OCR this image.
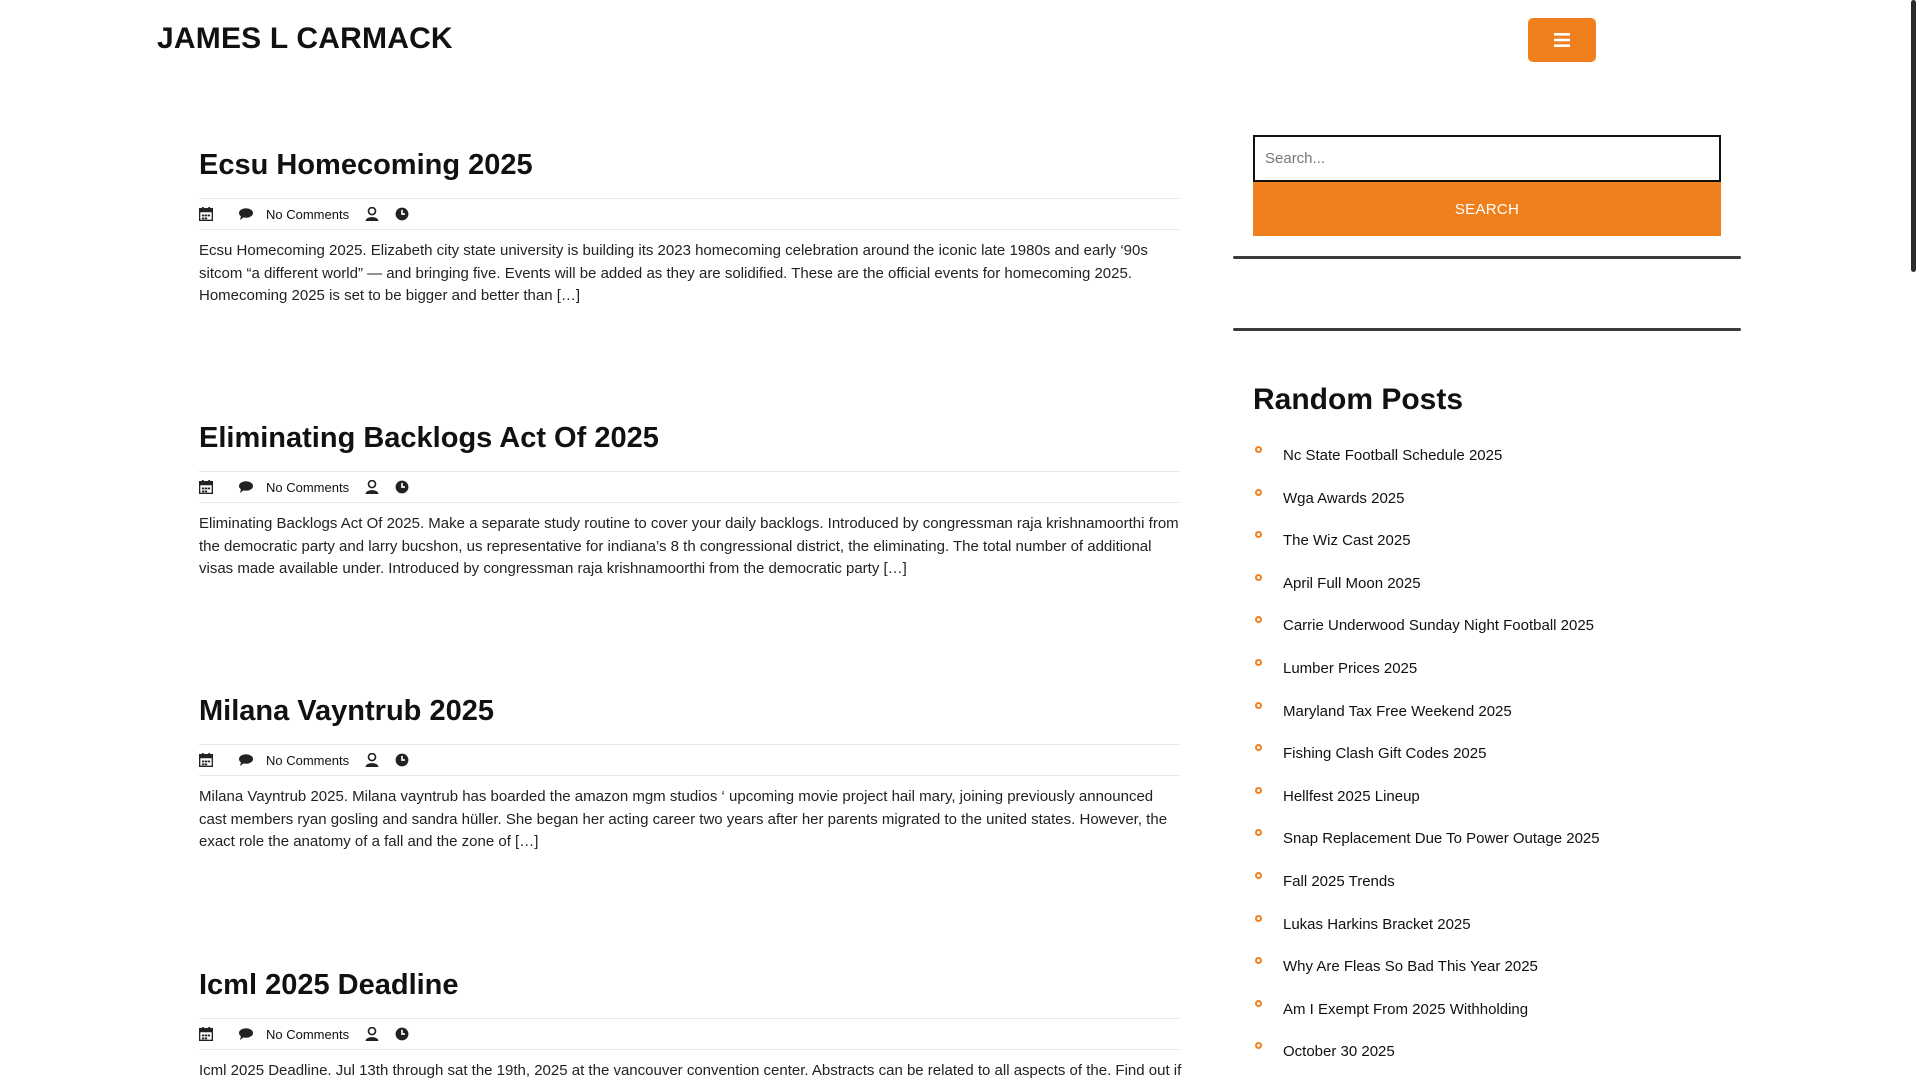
JAMES L CARMACK
Ecsu Homecoming 2025
No Comments
Ecsu Homecoming 2025. Elizabeth city state university is building its 2023 homecoming celebration around the iconic late 1980s and early ‘90s sitcom “a different world” — and bringing five. Events will be added as they are solidified. These are the official events for homecoming 2025. Homecoming 2025 is set to be bigger and better than […]
Eliminating Backlogs Act Of 2025
No Comments
Eliminating Backlogs Act Of 2025. Make a separate study routine to cover your daily backlogs. Introduced by congressman raja krishnamoorthi from the democratic party and larry bucshon, us representative for indiana’s 8 th congressional district, the eliminating. The total number of additional visas made available under. Introduced by congressman raja krishnamoorthi from the democratic party […]
Milana Vayntrub 2025
No Comments
Milana Vayntrub 2025. Milana vayntrub has boarded the amazon mgm studios ‘ upcoming movie project hail mary, joining previously announced cast members ryan gosling and sandra hüller. She began her acting career two years after her parents migrated to the united states. However, the exact role the anatomy of a fall and the zone of […]
Icml 2025 Deadline
No Comments
Icml 2025 Deadline. Jul 13th through sat the 19th, 2025 at the vancouver convention center. Abstracts can be related to all aspects of the. Find out if
Search...
SEARCH
Random Posts
Nc State Football Schedule 2025
Wga Awards 2025
The Wiz Cast 2025
April Full Moon 2025
Carrie Underwood Sunday Night Football 2025
Lumber Prices 2025
Maryland Tax Free Weekend 2025
Fishing Clash Gift Codes 2025
Hellfest 2025 Lineup
Snap Replacement Due To Power Outage 2025
Fall 2025 Trends
Lukas Harkins Bracket 2025
Why Are Fleas So Bad This Year 2025
Am I Exempt From 2025 Withholding
October 30 2025
